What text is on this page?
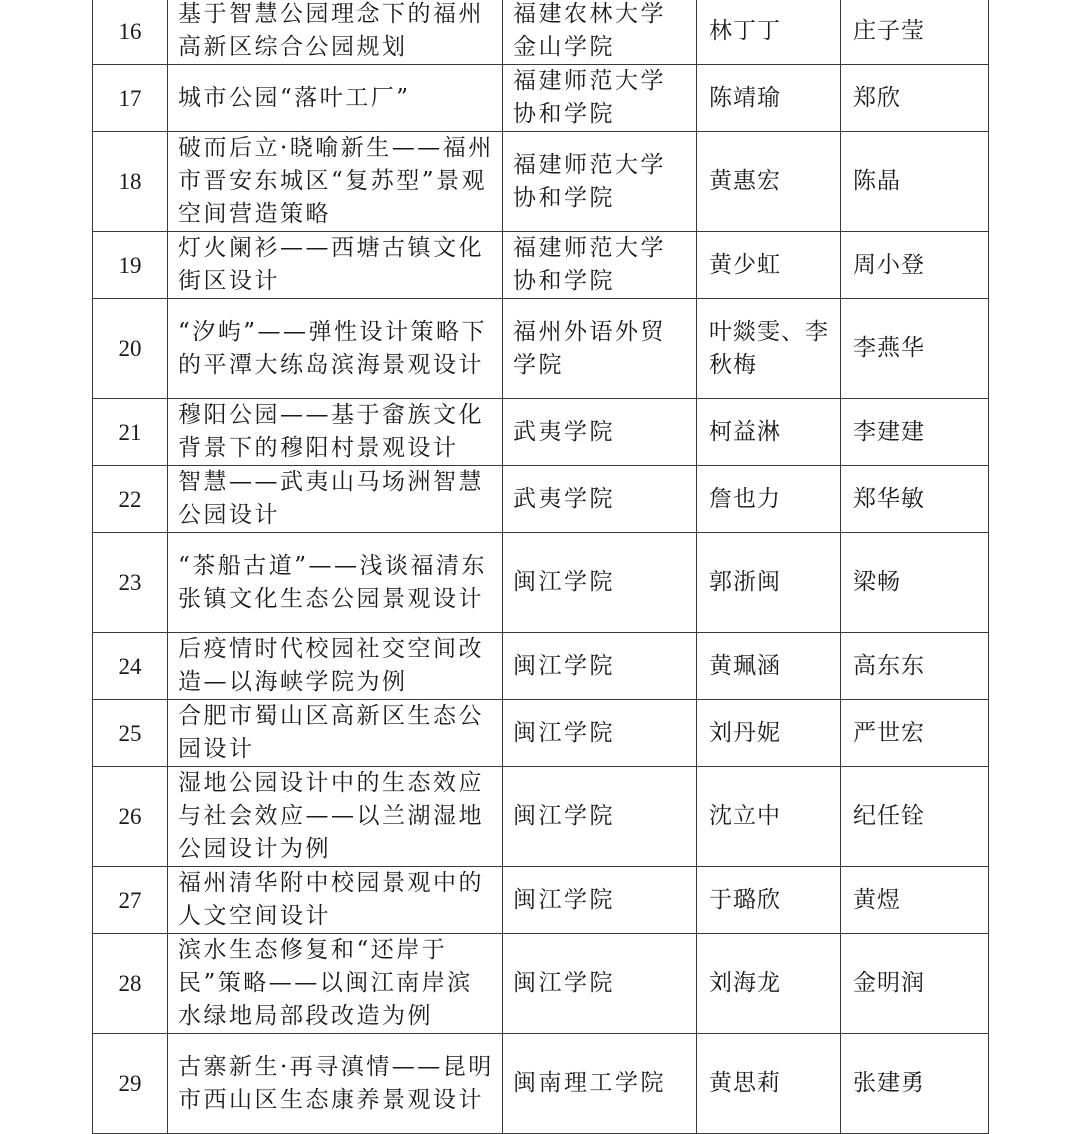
16	基于智慧公园理念下的福州高新区综合公园规划	福建农林大学金山学院	林丁丁	庄子莹
17	城市公园“落叶工厂”	福建师范大学协和学院	陈靖瑜	郑欣
18	破而后立·晓喻新生——福州市晋安东城区“复苏型”景观空间营造策略	福建师范大学协和学院	黄惠宏	陈晶
19	灯火阑衫——西塘古镇文化街区设计	福建师范大学协和学院	黄少虹	周小登
20	“汐屿”——弹性设计策略下的平潭大练岛滨海景观设计	福州外语外贸学院	叶燚雯、李秋梅	李燕华
21	穆阳公园——基于畲族文化背景下的穆阳村景观设计	武夷学院	柯益淋	李建建
22	智慧——武夷山马场洲智慧公园设计	武夷学院	詹也力	郑华敏
23	“茶船古道”——浅谈福清东张镇文化生态公园景观设计	闽江学院	郭浙闽	梁畅
24	后疫情时代校园社交空间改造—以海峡学院为例	闽江学院	黄珮涵	高东东
25	合肥市蜀山区高新区生态公园设计	闽江学院	刘丹妮	严世宏
26	湿地公园设计中的生态效应与社会效应——以兰湖湿地公园设计为例	闽江学院	沈立中	纪任铨
27	福州清华附中校园景观中的人文空间设计	闽江学院	于璐欣	黄煜
28	滨水生态修复和“还岸于民”策略——以闽江南岸滨水绿地局部段改造为例	闽江学院	刘海龙	金明润
29	古寨新生·再寻滇情——昆明市西山区生态康养景观设计	闽南理工学院	黄思莉	张建勇
